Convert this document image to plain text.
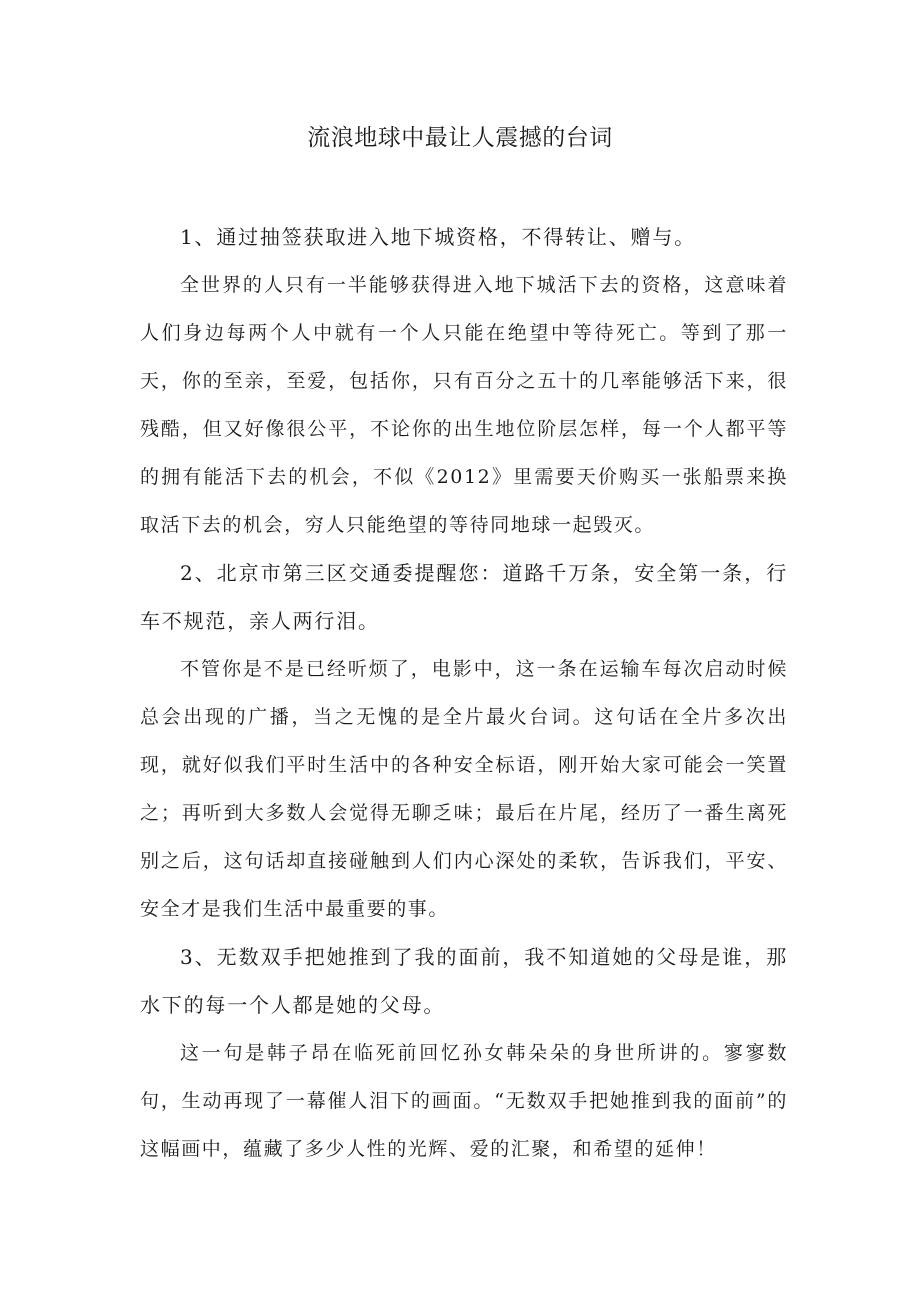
流浪地球中最让人震撼的台词

1、通过抽签获取进入地下城资格，不得转让、赠与。

全世界的人只有一半能够获得进入地下城活下去的资格，这意味着人们身边每两个人中就有一个人只能在绝望中等待死亡。等到了那一天，你的至亲，至爱，包括你，只有百分之五十的几率能够活下来，很残酷，但又好像很公平，不论你的出生地位阶层怎样，每一个人都平等的拥有能活下去的机会，不似《2012》里需要天价购买一张船票来换取活下去的机会，穷人只能绝望的等待同地球一起毁灭。

2、北京市第三区交通委提醒您：道路千万条，安全第一条，行车不规范，亲人两行泪。

不管你是不是已经听烦了，电影中，这一条在运输车每次启动时候总会出现的广播，当之无愧的是全片最火台词。这句话在全片多次出现，就好似我们平时生活中的各种安全标语，刚开始大家可能会一笑置之；再听到大多数人会觉得无聊乏味；最后在片尾，经历了一番生离死别之后，这句话却直接碰触到人们内心深处的柔软，告诉我们，平安、安全才是我们生活中最重要的事。

3、无数双手把她推到了我的面前，我不知道她的父母是谁，那水下的每一个人都是她的父母。

这一句是韩子昂在临死前回忆孙女韩朵朵的身世所讲的。寥寥数句，生动再现了一幕催人泪下的画面。“无数双手把她推到我的面前”的这幅画中，蕴藏了多少人性的光辉、爱的汇聚，和希望的延伸！
